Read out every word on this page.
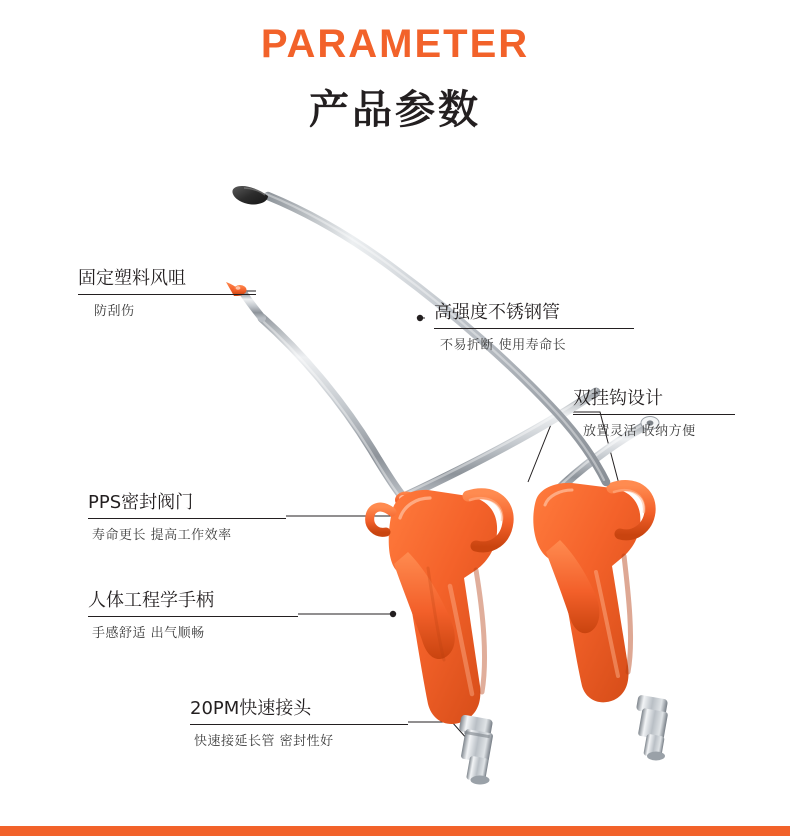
PARAMETER
产品参数
固定塑料风咀
防刮伤	高强度不锈钢管
不易折断 使用寿命长
双挂钩设计
放置灵活 收纳方便
PPS密封阀门
寿命更长 提高工作效率
人体工程学手柄
手感舒适 出气顺畅
20PM快速接头
快速接延长管 密封性好
